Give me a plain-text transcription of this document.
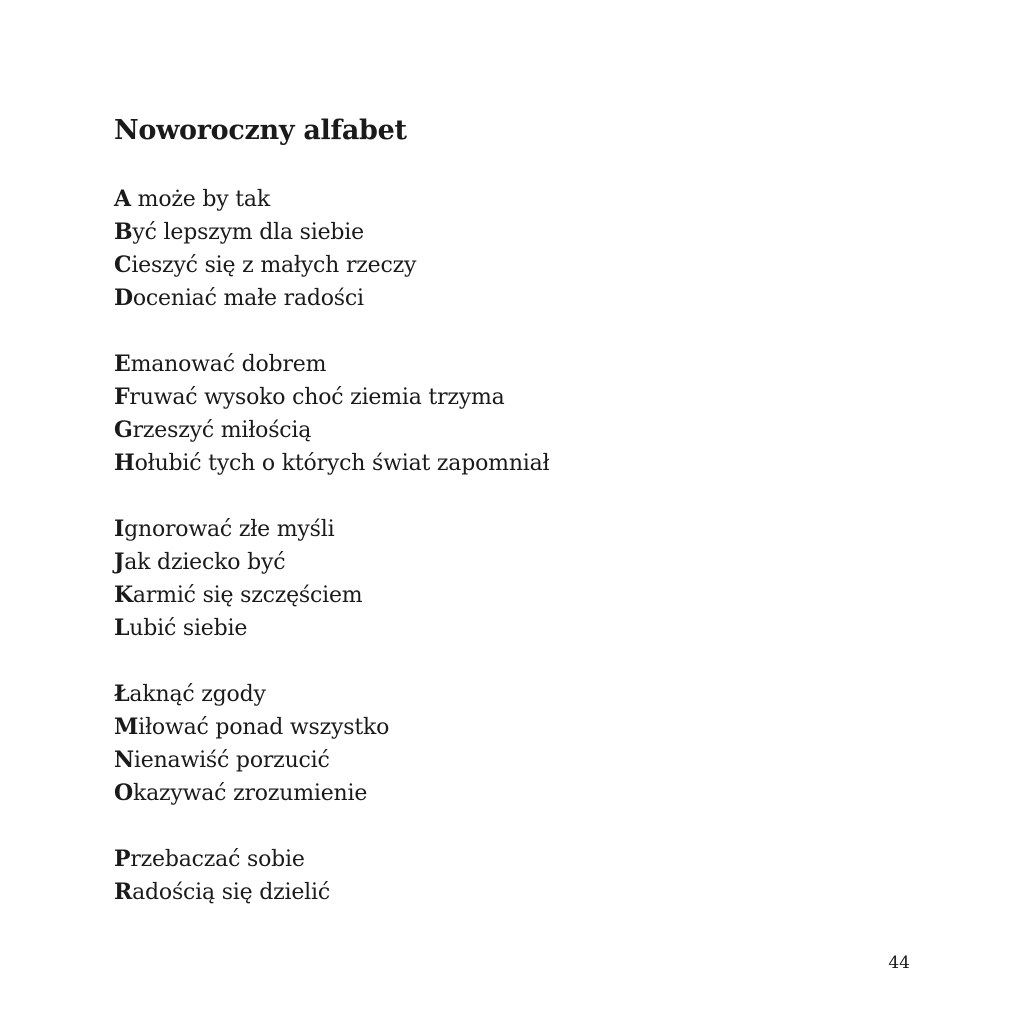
Noworoczny alfabet
A może by tak
Być lepszym dla siebie
Cieszyć się z małych rzeczy
Doceniać małe radości
Emanować dobrem
Fruwać wysoko choć ziemia trzyma
Grzeszyć miłością
Hołubić tych o których świat zapomniał
Ignorować złe myśli
Jak dziecko być
Karmić się szczęściem
Lubić siebie
Łaknąć zgody
Miłować ponad wszystko
Nienawiść porzucić
Okazywać zrozumienie
Przebaczać sobie
Radością się dzielić
44
